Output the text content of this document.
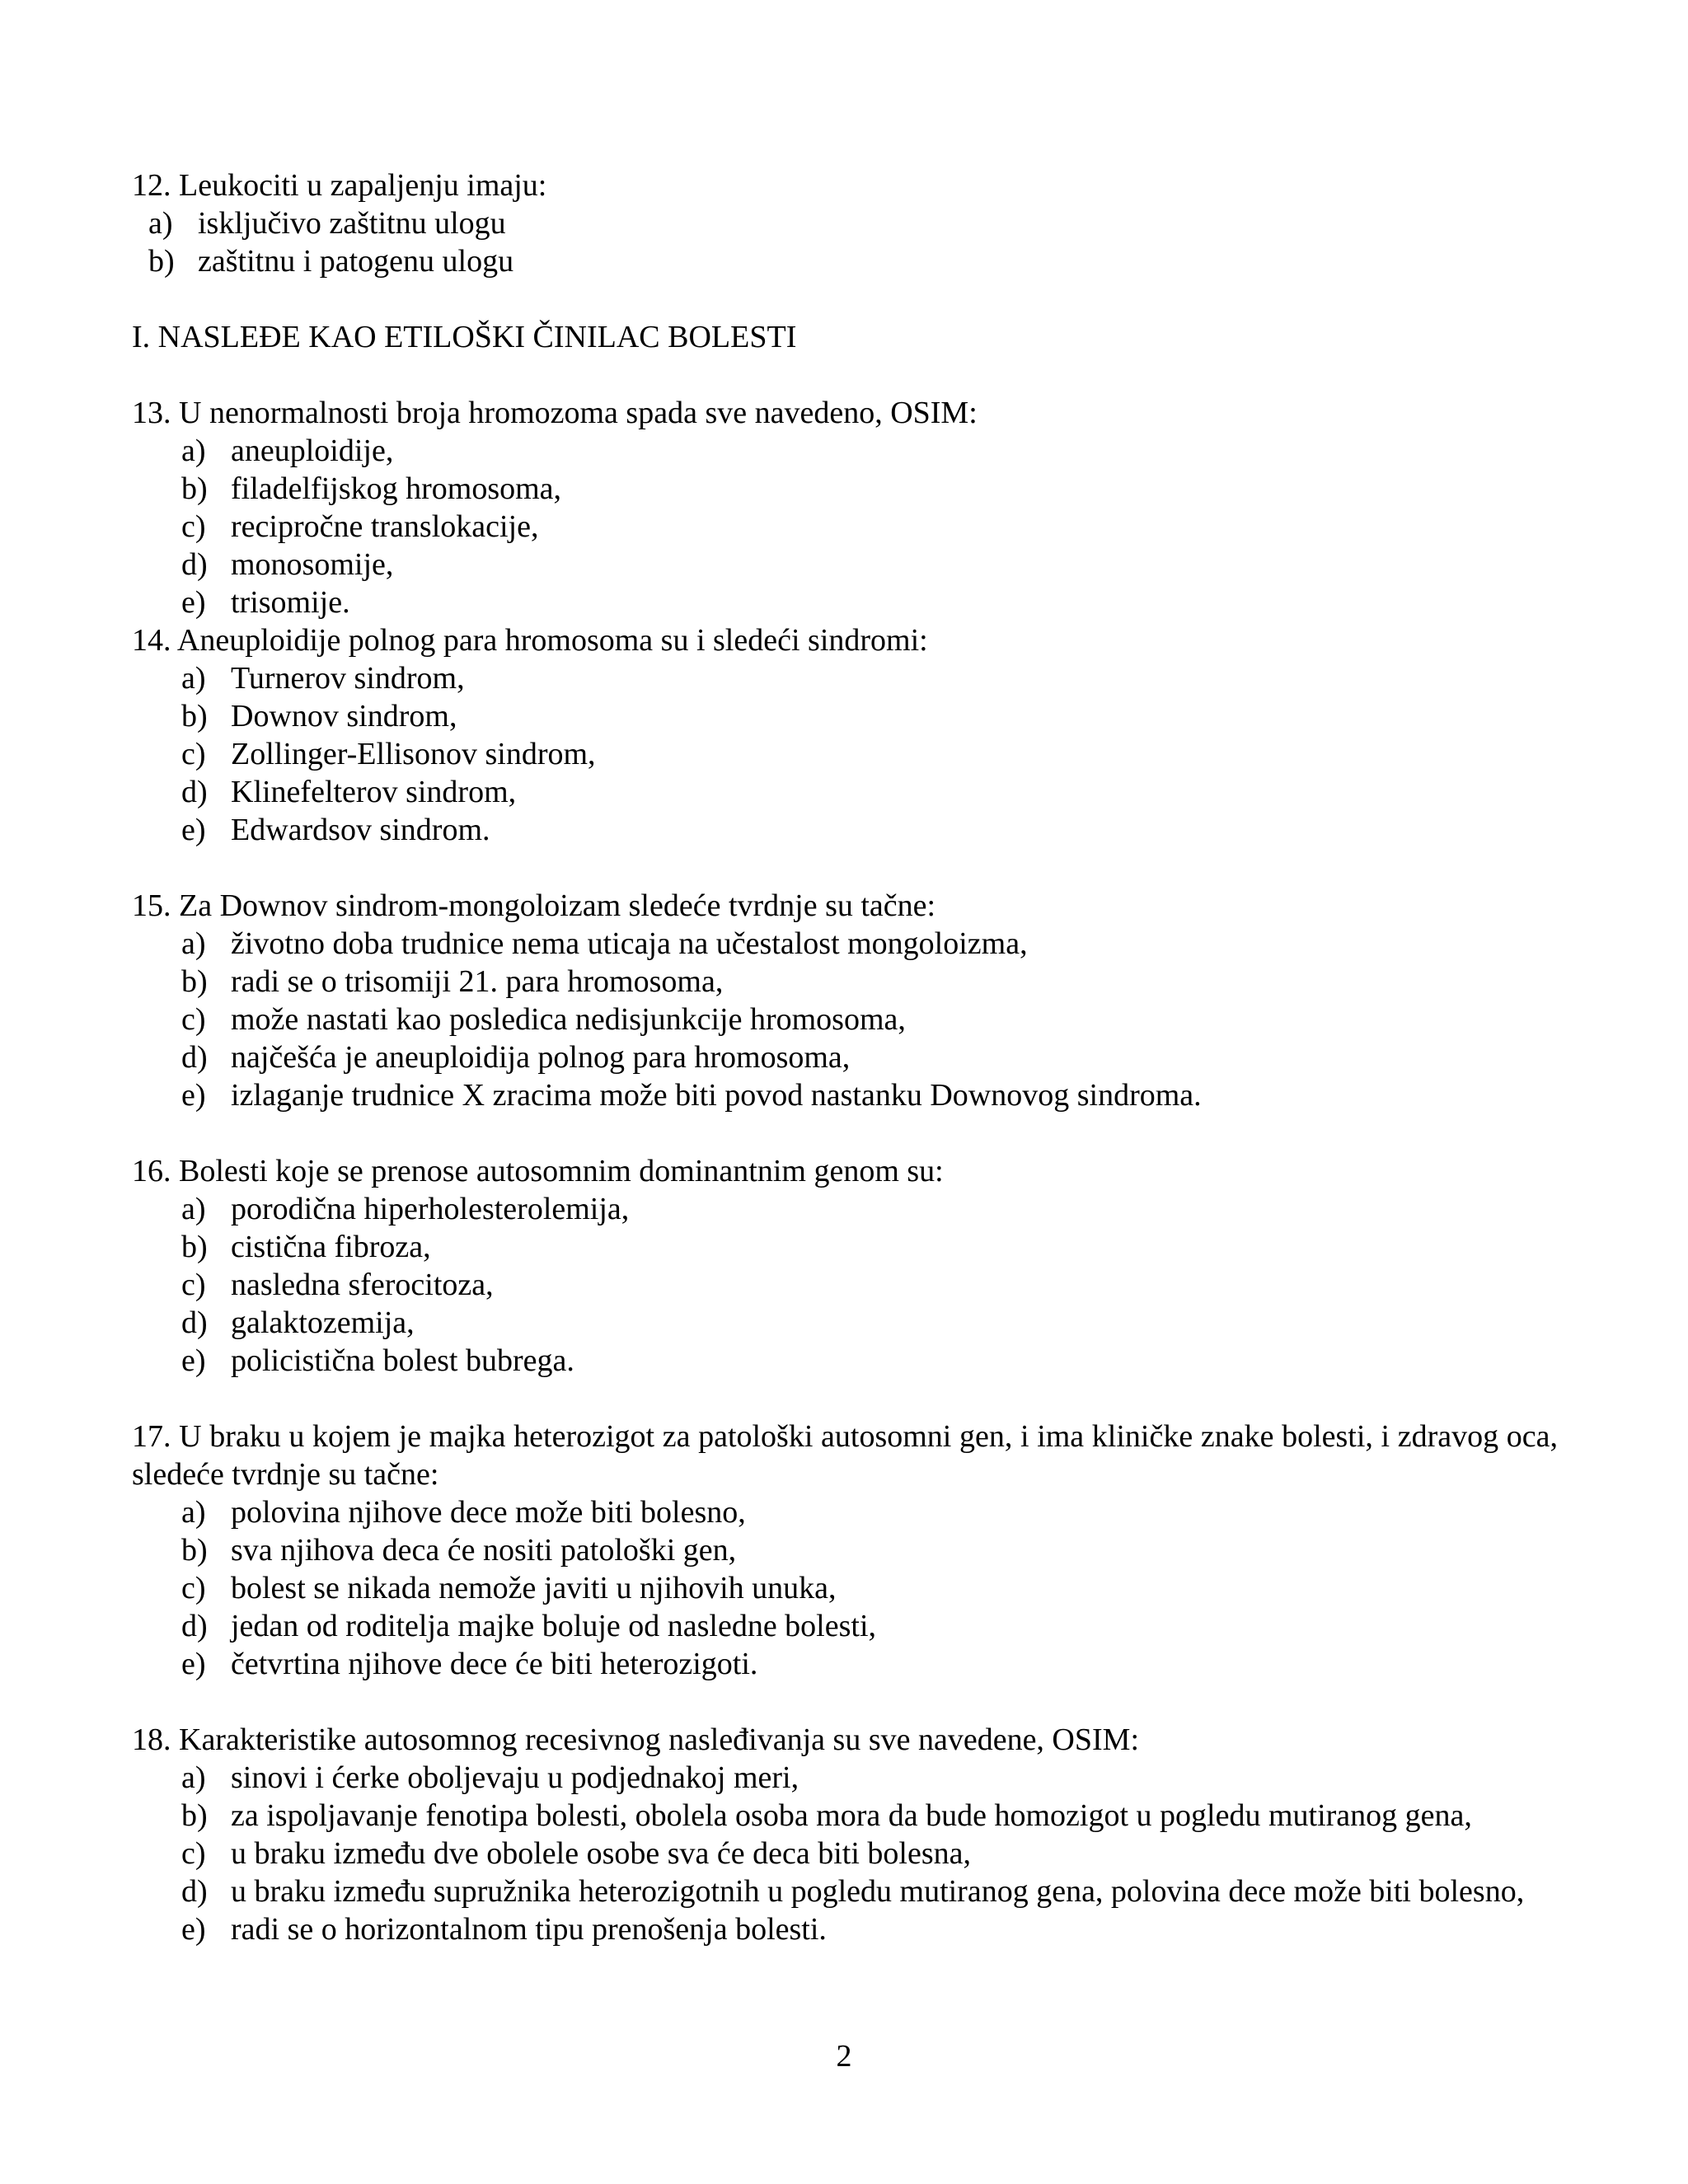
12. Leukociti u zapaljenju imaju:

a) isključivo zaštitnu ulogu
b) zaštitnu i patogenu ulogu

I. NASLEĐE KAO ETILOŠKI ČINILAC BOLESTI

13. U nenormalnosti broja hromozoma spada sve navedeno, OSIM:

a) aneuploidije,
b) filadelfijskog hromosoma,
c) recipročne translokacije,
d) monosomije,
e) trisomije.

14. Aneuploidije polnog para hromosoma su i sledeći sindromi:

a) Turnerov sindrom,
b) Downov sindrom,
c) Zollinger-Ellisonov sindrom,
d) Klinefelterov sindrom,
e) Edwardsov sindrom.

15. Za Downov sindrom-mongoloizam sledeće tvrdnje su tačne:

a) životno doba trudnice nema uticaja na učestalost mongoloizma,
b) radi se o trisomiji 21. para hromosoma,
c) može nastati kao posledica nedisjunkcije hromosoma,
d) najčešća je aneuploidija polnog para hromosoma,
e) izlaganje trudnice X zracima može biti povod nastanku Downovog sindroma.

16. Bolesti koje se prenose autosomnim dominantnim genom su:

a) porodična hiperholesterolemija,
b) cistična fibroza,
c) nasledna sferocitoza,
d) galaktozemija,
e) policistična bolest bubrega.

17. U braku u kojem je majka heterozigot za patološki autosomni gen, i ima kliničke znake bolesti, i zdravog oca, sledeće tvrdnje su tačne:

a) polovina njihove dece može biti bolesno,
b) sva njihova deca će nositi patološki gen,
c) bolest se nikada nemože javiti u njihovih unuka,
d) jedan od roditelja majke boluje od nasledne bolesti,
e) četvrtina njihove dece će biti heterozigoti.

18. Karakteristike autosomnog recesivnog nasleđivanja su sve navedene, OSIM:

a) sinovi i ćerke oboljevaju u podjednakoj meri,
b) za ispoljavanje fenotipa bolesti, obolela osoba mora da bude homozigot u pogledu mutiranog gena,
c) u braku između dve obolele osobe sva će deca biti bolesna,
d) u braku između supružnika heterozigotnih u pogledu mutiranog gena, polovina dece može biti bolesno,
e) radi se o horizontalnom tipu prenošenja bolesti.
2
